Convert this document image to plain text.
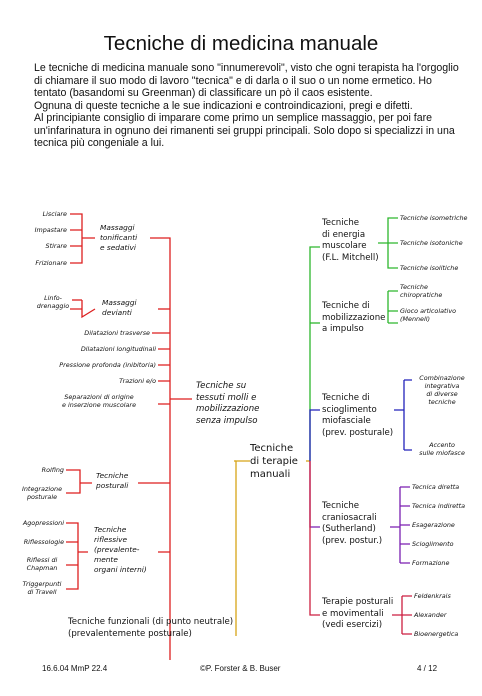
Tecniche di medicina manuale

Le tecniche di medicina manuale sono "innumerevoli", visto che ogni terapista ha l'orgoglio di chiamare il suo modo di lavoro "tecnica" e di darla o il suo o un nome ermetico. Ho tentato (basandomi su Greenman) di classificare un pò il caos esistente.

Ognuna di queste tecniche a le sue indicazioni e controindicazioni, pregi e difetti.

Al principiante consiglio di imparare come primo un semplice massaggio, per poi fare un'infarinatura in ognuno dei rimanenti sei gruppi principali. Solo dopo si specializzi in una tecnica più congeniale a lui.

Lisciare
Impastare
Stirare
Frizionare
Massaggi
tonificanti
e sedativi
Linfo-
drenaggio	Massaggi
devianti
Dilatazioni trasverse
Dilatazioni longitudinali
Pressione profonda (inibitoria)
Trazioni e/o
Separazioni di origine
e inserzione muscolare
Tecniche su
tessuti molli e
mobilizzazione
senza impulso
Rolfing
Integrazione
posturale
Tecniche
posturali
Agopressioni
Riflessologie
Riflessi di
Chapman
Triggerpunti
di Travell
Tecniche
riflessive
(prevalente-
mente
organi interni)
Tecniche funzionali (di punto neutrale)
(prevalentemente posturale)
Tecniche
di terapie
manuali
Tecniche
di energia
muscolare
(F.L. Mitchell)
Tecniche isometriche
Tecniche isotoniche
Tecniche isolitiche
Tecniche di
mobilizzazione
a impulso
Tecniche
chiropratiche
Gioco articolativo
(Mennell)
Tecniche di
scioglimento
miofasciale
(prev. posturale)
Combinazione
integrativa
di diverse
tecniche
Accento
sulle miofasce
Tecniche
craniosacrali
(Sutherland)
(prev. postur.)
Tecnica diretta
Tecnica indiretta
Esagerazione
Scioglimento
Formazione
Terapie posturali
e movimentali
(vedi esercizi)
Feldenkrais
Alexander
Bioenergetica
16.6.04 MmP 22.4	©P. Forster & B. Buser	4 / 12
